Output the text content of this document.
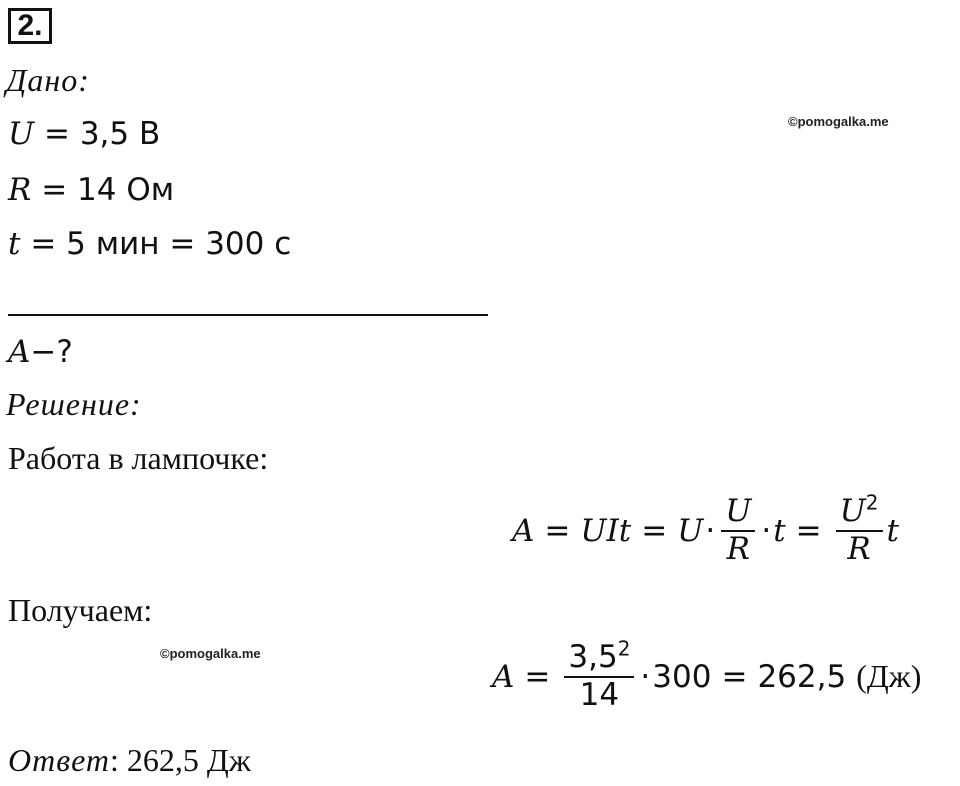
2.
Дано:
©pomogalka.me
U = 3,5 В
R = 14 Ом
t = 5 мин = 300 с
A−?
Решение:
Работа в лампочке:
A = UIt = $U \cdot \frac{U}{R} \cdot t = \frac{U^2}{R}$ t
Получаем:
©pomogalka.me
$A = \frac{3,5^2}{14} \cdot 300 = 262,5$ (Дж)
Ответ: 262,5 Дж
